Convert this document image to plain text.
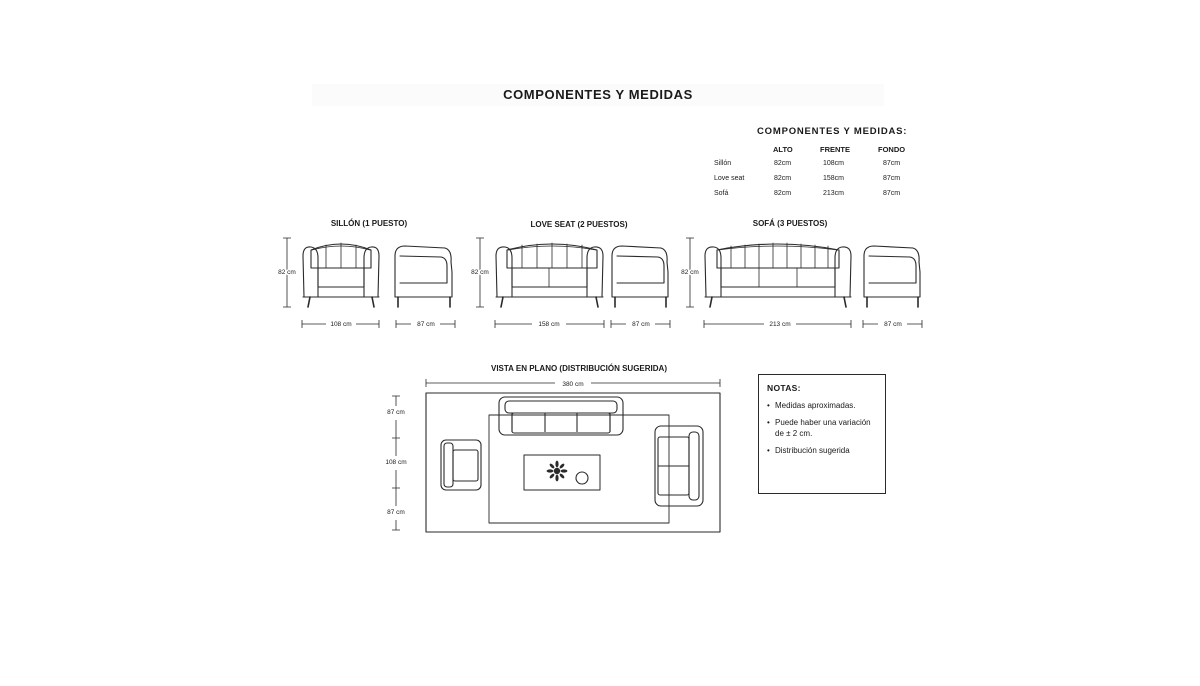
COMPONENTES Y MEDIDAS
COMPONENTES Y MEDIDAS:
ALTO	FRENTE	FONDO
Sillón	82cm	108cm	87cm
Love seat	82cm	158cm	87cm
Sofá	82cm	213cm	87cm
SILLÓN (1 PUESTO)	LOVE SEAT (2 PUESTOS)	SOFÁ (3 PUESTOS)
82 cm	82 cm	82 cm
108 cm	87 cm	158 cm	87 cm	213 cm	87 cm
VISTA EN PLANO (DISTRIBUCIÓN SUGERIDA)
380 cm
87 cm
108 cm
87 cm
NOTAS:
• Medidas aproximadas.
• Puede haber una variación de ± 2 cm.
• Distribución sugerida
